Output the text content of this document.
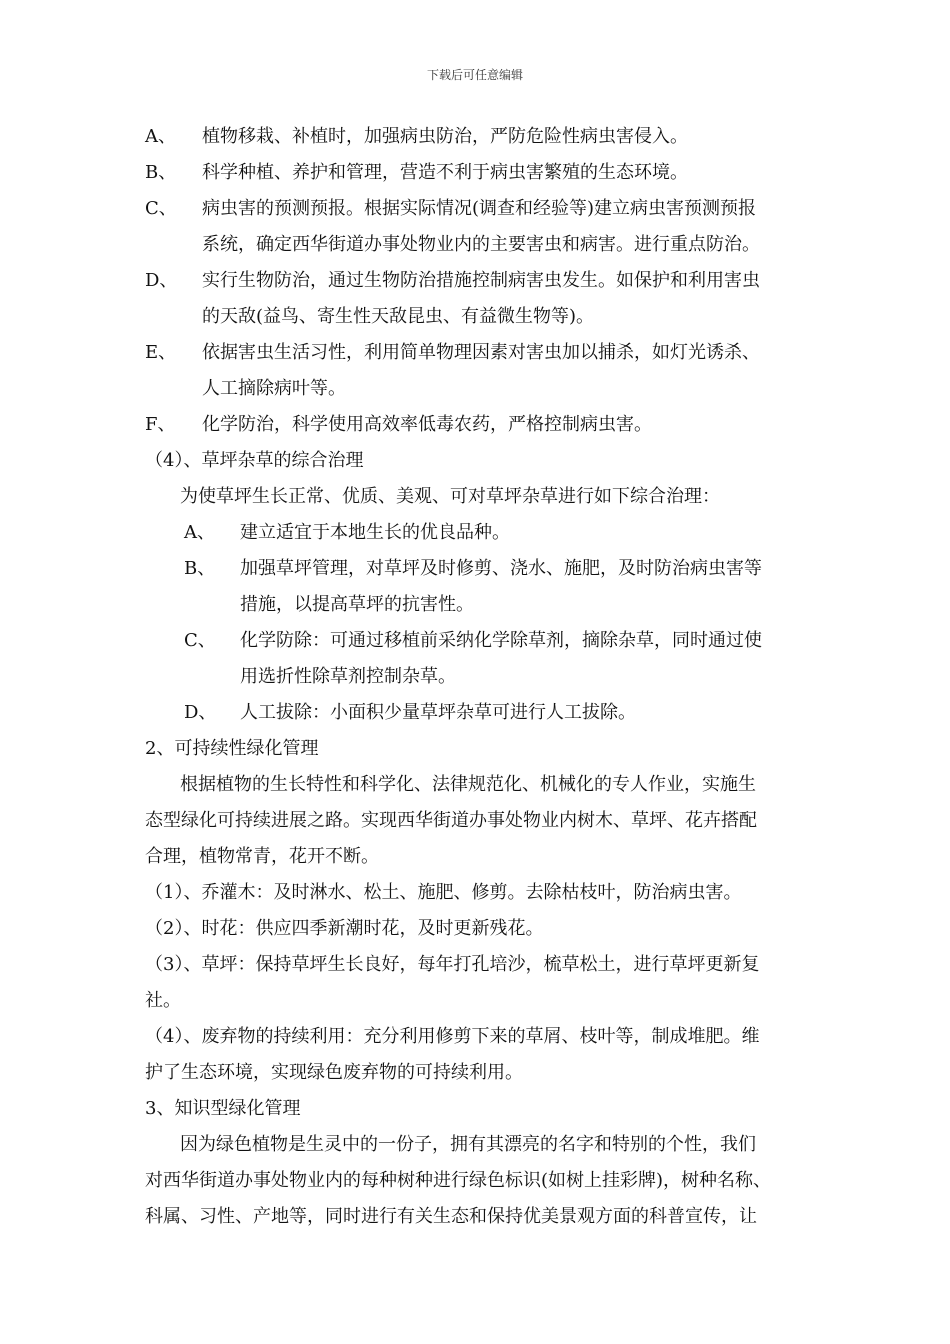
下载后可任意编辑
A、 植物移栽、补植时，加强病虫防治，严防危险性病虫害侵入。
B、 科学种植、养护和管理，营造不利于病虫害繁殖的生态环境。
C、 病虫害的预测预报。根据实际情况(调查和经验等)建立病虫害预测预报
系统，确定西华街道办事处物业内的主要害虫和病害。进行重点防治。
D、 实行生物防治，通过生物防治措施控制病害虫发生。如保护和利用害虫
的天敌(益鸟、寄生性天敌昆虫、有益微生物等)。
E、 依据害虫生活习性，利用简单物理因素对害虫加以捕杀，如灯光诱杀、
人工摘除病叶等。
F、 化学防治，科学使用高效率低毒农药，严格控制病虫害。
（4）、草坪杂草的综合治理
为使草坪生长正常、优质、美观、可对草坪杂草进行如下综合治理：
A、 建立适宜于本地生长的优良品种。
B、 加强草坪管理，对草坪及时修剪、浇水、施肥，及时防治病虫害等
措施，以提高草坪的抗害性。
C、 化学防除：可通过移植前采纳化学除草剂，摘除杂草，同时通过使
用选折性除草剂控制杂草。
D、 人工拔除：小面积少量草坪杂草可进行人工拔除。
2、可持续性绿化管理
根据植物的生长特性和科学化、法律规范化、机械化的专人作业，实施生
态型绿化可持续进展之路。实现西华街道办事处物业内树木、草坪、花卉搭配
合理，植物常青，花开不断。
（1）、乔灌木：及时淋水、松土、施肥、修剪。去除枯枝叶，防治病虫害。
（2）、时花：供应四季新潮时花，及时更新残花。
（3）、草坪：保持草坪生长良好，每年打孔培沙，梳草松土，进行草坪更新复
社。
（4）、废弃物的持续利用：充分利用修剪下来的草屑、枝叶等，制成堆肥。维
护了生态环境，实现绿色废弃物的可持续利用。
3、知识型绿化管理
因为绿色植物是生灵中的一份子，拥有其漂亮的名字和特别的个性，我们
对西华街道办事处物业内的每种树种进行绿色标识(如树上挂彩牌)，树种名称、
科属、习性、产地等，同时进行有关生态和保持优美景观方面的科普宣传，让
